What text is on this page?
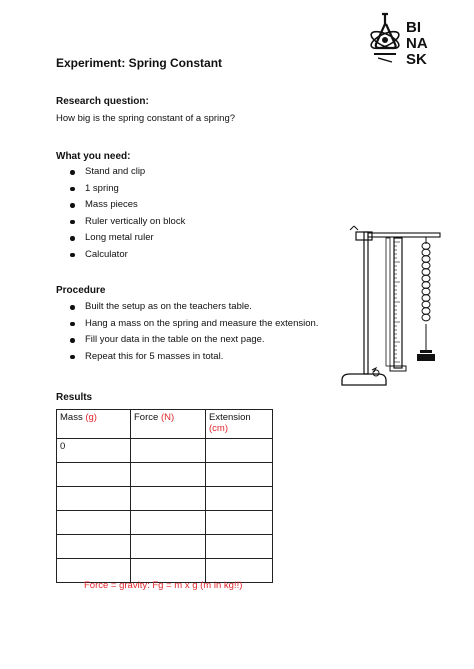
BI
NA
SK
Experiment: Spring Constant
Research question:
How big is the spring constant of a spring?
What you need:
Stand and clip
1 spring
Mass pieces
Ruler vertically on block
Long metal ruler
Calculator
Procedure
Built the setup as on the teachers table.
Hang a mass on the spring and measure the extension.
Fill your data in the table on the next page.
Repeat this for 5 masses in total.
Results
Mass (g)	Force (N)	Extension
(cm)
0		

Force = gravity: Fg = m x g (m in kg!!)
